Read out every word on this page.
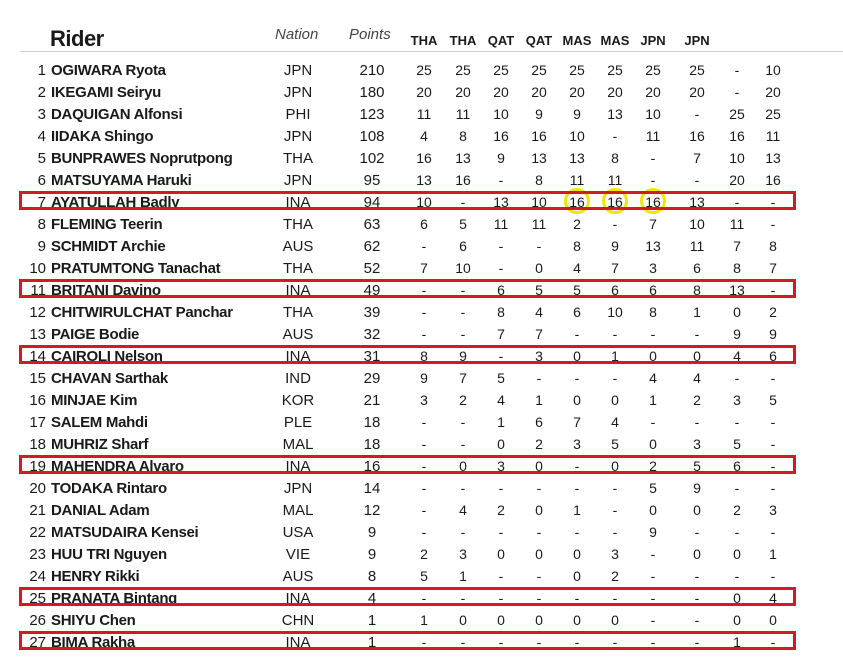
Rider	Nation Points THA THA QAT QAT MAS MAS JPN JPN
1 OGIWARA Ryota	JPN	210	25	25	25	25	25	25	25	25	-	10
2 IKEGAMI Seiryu	JPN	180	20	20	20	20	20	20	20	20	-	20
3 DAQUIGAN Alfonsi	PHI	123	11	11	10	9	9	13	10	-	25	25
4 IIDAKA Shingo	JPN	108	4	8	16	16	10	-	11	16	16	11
5 BUNPRAWES Noprutpong	THA	102	16	13	9	13	13	8	-	7	10	13
6 MATSUYAMA Haruki	JPN	95	13	16	-	8	11	11	-	-	20	16
7 AYATULLAH Badly	INA	94	10	-	13	10	16	16	16	13	-	-
8 FLEMING Teerin	THA	63	6	5	11	11	2	-	7	10	11	-
9 SCHMIDT Archie	AUS	62	-	6	-	-	8	9	13	11	7	8
10 PRATUMTONG Tanachat	THA	52	7	10	-	0	4	7	3	6	8	7
11 BRITANI Davino	INA	49	-	-	6	5	5	6	6	8	13	-
12 CHITWIRULCHAT Panchar	THA	39	-	-	8	4	6	10	8	1	0	2
13 PAIGE Bodie	AUS	32	-	-	7	7	-	-	-	-	9	9
14 CAIROLI Nelson	INA	31	8	9	-	3	0	1	0	0	4	6
15 CHAVAN Sarthak	IND	29	9	7	5	-	-	-	4	4	-	-
16 MINJAE Kim	KOR	21	3	2	4	1	0	0	1	2	3	5
17 SALEM Mahdi	PLE	18	-	-	1	6	7	4	-	-	-	-
18 MUHRIZ Sharf	MAL	18	-	-	0	2	3	5	0	3	5	-
19 MAHENDRA Alvaro	INA	16	-	0	3	0	-	0	2	5	6	-
20 TODAKA Rintaro	JPN	14	-	-	-	-	-	-	5	9	-	-
21 DANIAL Adam	MAL	12	-	4	2	0	1	-	0	0	2	3
22 MATSUDAIRA Kensei	USA	9	-	-	-	-	-	-	9	-	-	-
23 HUU TRI Nguyen	VIE	9	2	3	0	0	0	3	-	0	0	1
24 HENRY Rikki	AUS	8	5	1	-	-	0	2	-	-	-	-
25 PRANATA Bintang	INA	4	-	-	-	-	-	-	-	-	0	4
26 SHIYU Chen	CHN	1	1	0	0	0	0	0	-	-	0	0
27 BIMA Rakha	INA	1	-	-	-	-	-	-	-	-	1	-
